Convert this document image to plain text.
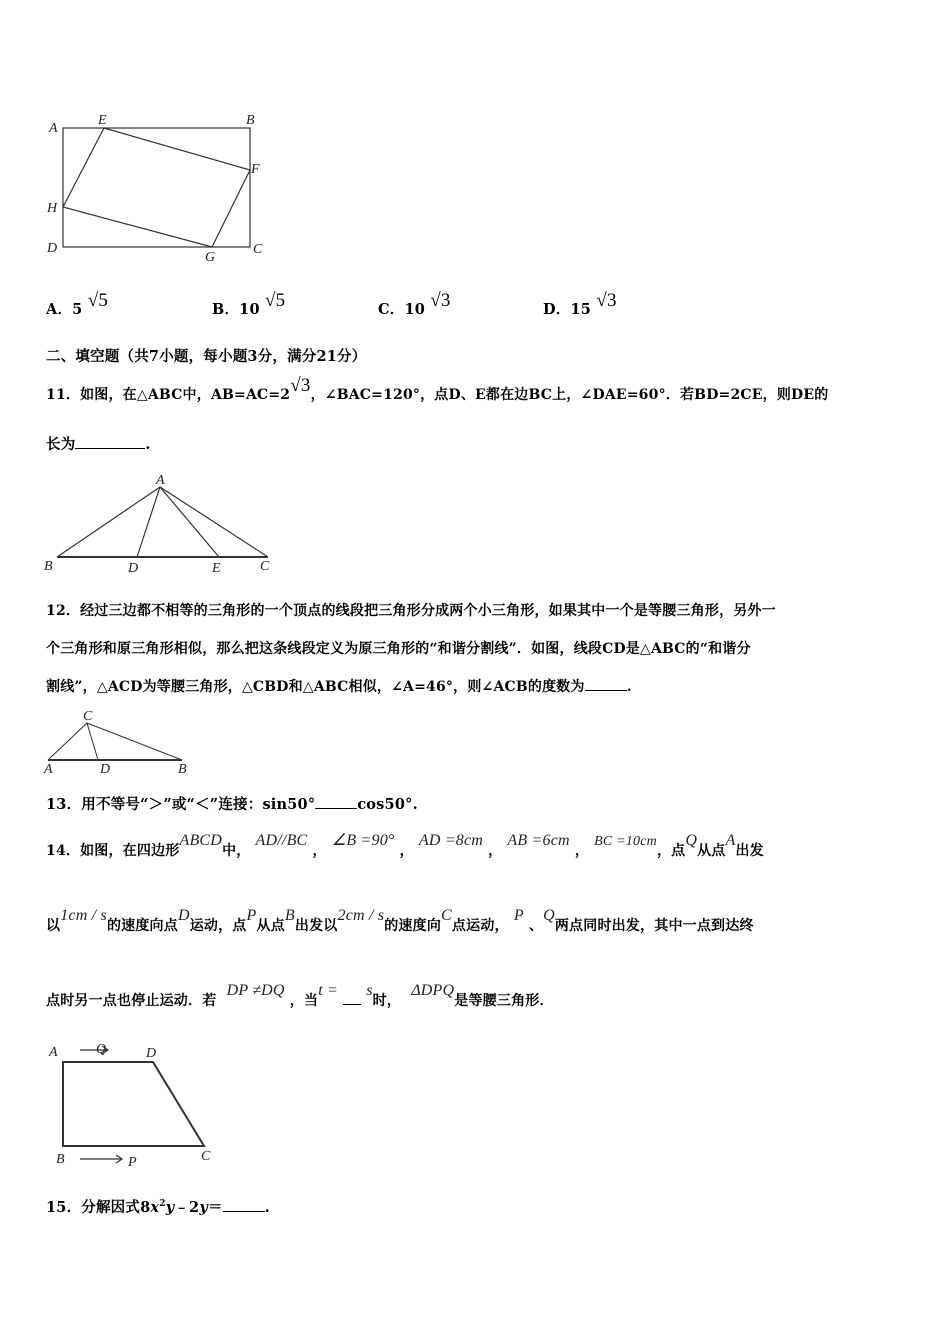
A
E	B
F
H
D
G
C
A
B	D	E	C
C
A	D	B
A	Q	D
B	P	C
A．5 √5	B．10 √5	C．10 √3	D．15 √3
二、填空题（共7小题，每小题3分，满分21分）
11．如图，在△ABC中，AB=AC=2√3，∠BAC=120°，点D、E都在边BC上，∠DAE=60°．若BD=2CE，则DE的
长为	.
12．经过三边都不相等的三角形的一个顶点的线段把三角形分成两个小三角形，如果其中一个是等腰三角形，另外一
个三角形和原三角形相似，那么把这条线段定义为原三角形的“和谐分割线”．如图，线段CD是△ABC的“和谐分
割线”，△ACD为等腰三角形，△CBD和△ABC相似，∠A=46°，则∠ACB的度数为	.
13．用不等号“＞”或“＜”连接：sin50°	cos50°.
14．如图，在四边形ABCD中， AD//BC ， ∠B =90° ， AD =8cm ， AB =6cm ， BC =10cm，点Q从点A出发
以1cm / s的速度向点D运动，点P从点B出发以2cm / s的速度向C点运动， P 、Q两点同时出发，其中一点到达终
点时另一点也停止运动．若  DP ≠DQ ，当t = s时，  ΔDPQ是等腰三角形．
15．分解因式$8x^2y﹣2y=$	.
